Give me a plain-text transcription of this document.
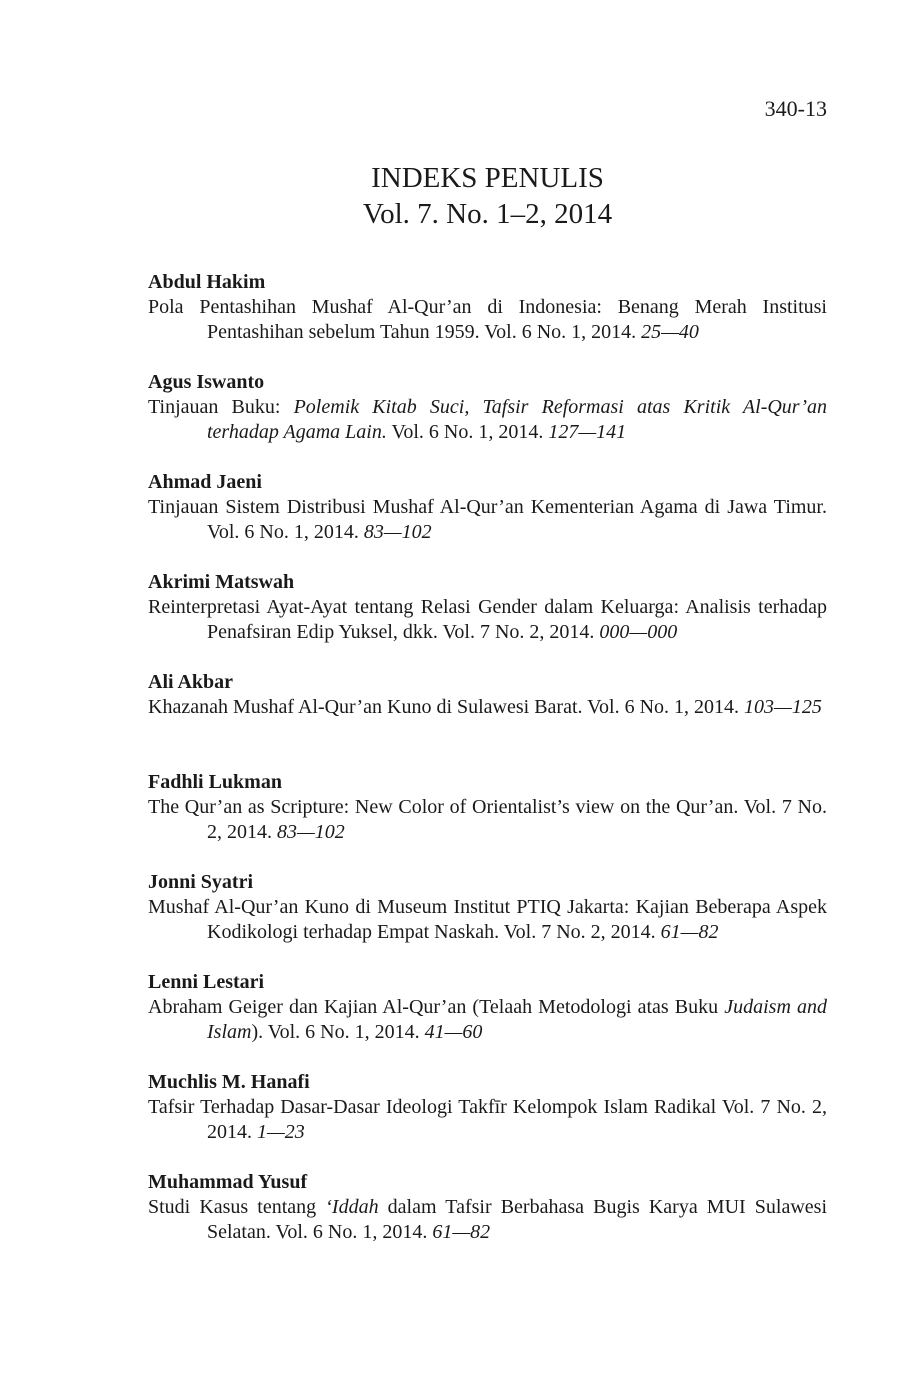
340-13
INDEKS PENULIS
Vol. 7. No. 1–2, 2014
Abdul Hakim
Pola Pentashihan Mushaf Al-Qur’an di Indonesia: Benang Merah Institusi Pentashihan sebelum Tahun 1959. Vol. 6 No. 1, 2014. 25—40
Agus Iswanto
Tinjauan Buku: Polemik Kitab Suci, Tafsir Reformasi atas Kritik Al-Qur’an terhadap Agama Lain. Vol. 6 No. 1, 2014. 127—141
Ahmad Jaeni
Tinjauan Sistem Distribusi Mushaf Al-Qur’an Kementerian Agama di Jawa Timur. Vol. 6 No. 1, 2014. 83—102
Akrimi Matswah
Reinterpretasi Ayat-Ayat tentang Relasi Gender dalam Keluarga: Analisis terhadap Penafsiran Edip Yuksel, dkk. Vol. 7 No. 2, 2014. 000—000
Ali Akbar
Khazanah Mushaf Al-Qur’an Kuno di Sulawesi Barat. Vol. 6 No. 1, 2014. 103—125
Fadhli Lukman
The Qur’an as Scripture: New Color of Orientalist’s view on the Qur’an. Vol. 7 No. 2, 2014. 83—102
Jonni Syatri
Mushaf Al-Qur’an Kuno di Museum Institut PTIQ Jakarta: Kajian Beberapa Aspek Kodikologi terhadap Empat Naskah. Vol. 7 No. 2, 2014. 61—82
Lenni Lestari
Abraham Geiger dan Kajian Al-Qur’an (Telaah Metodologi atas Buku Judaism and Islam). Vol. 6 No. 1, 2014. 41—60
Muchlis M. Hanafi
Tafsir Terhadap Dasar-Dasar Ideologi Takfīr Kelompok Islam Radikal Vol. 7 No. 2, 2014. 1—23
Muhammad Yusuf
Studi Kasus tentang ‘Iddah dalam Tafsir Berbahasa Bugis Karya MUI Sulawesi Selatan. Vol. 6 No. 1, 2014. 61—82
